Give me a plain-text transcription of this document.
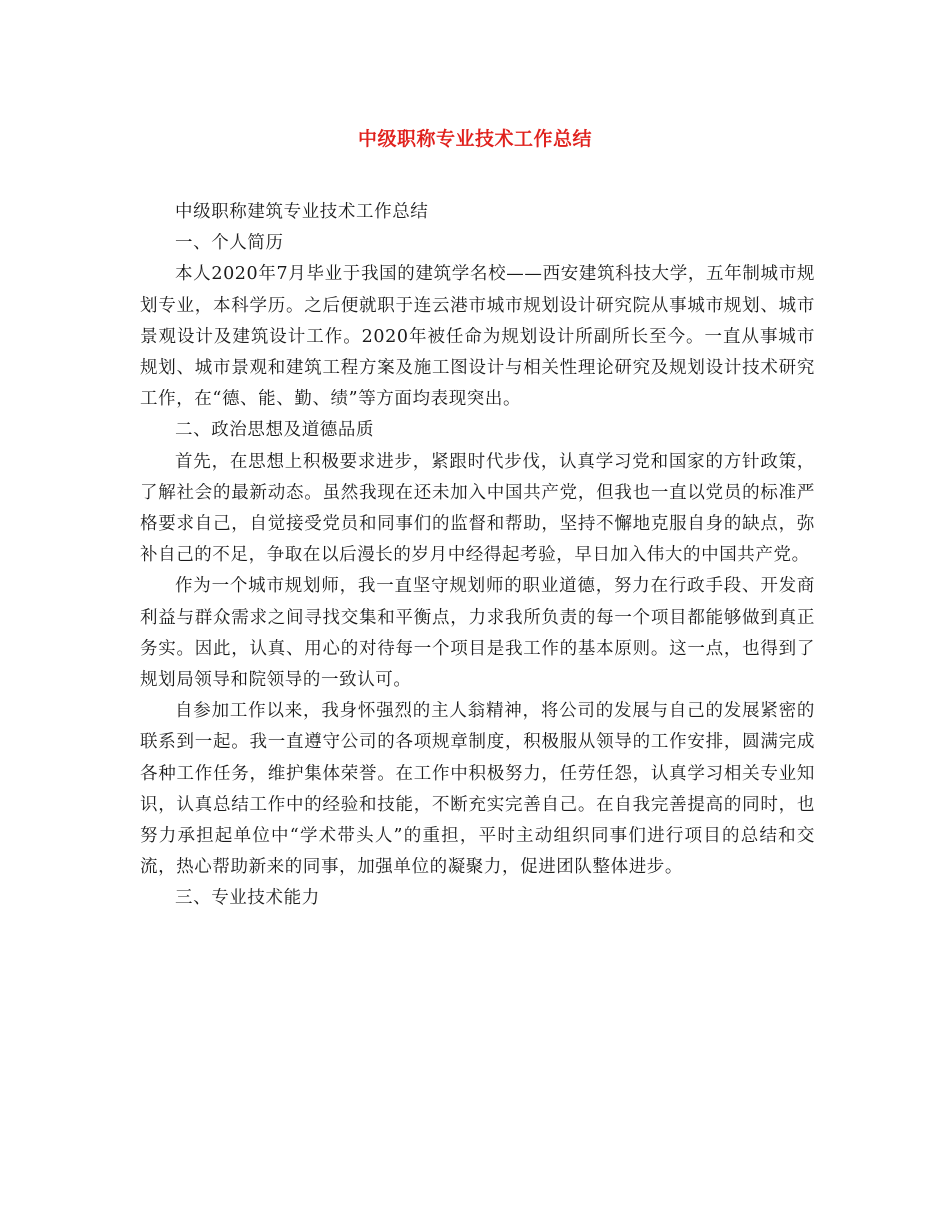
中级职称专业技术工作总结

中级职称建筑专业技术工作总结

一、个人简历

本人2020年7月毕业于我国的建筑学名校——西安建筑科技大学，五年制城市规划专业，本科学历。之后便就职于连云港市城市规划设计研究院从事城市规划、城市景观设计及建筑设计工作。2020年被任命为规划设计所副所长至今。一直从事城市规划、城市景观和建筑工程方案及施工图设计与相关性理论研究及规划设计技术研究工作，在“德、能、勤、绩”等方面均表现突出。

二、政治思想及道德品质

首先，在思想上积极要求进步，紧跟时代步伐，认真学习党和国家的方针政策，了解社会的最新动态。虽然我现在还未加入中国共产党，但我也一直以党员的标准严格要求自己，自觉接受党员和同事们的监督和帮助，坚持不懈地克服自身的缺点，弥补自己的不足，争取在以后漫长的岁月中经得起考验，早日加入伟大的中国共产党。

作为一个城市规划师，我一直坚守规划师的职业道德，努力在行政手段、开发商利益与群众需求之间寻找交集和平衡点，力求我所负责的每一个项目都能够做到真正务实。因此，认真、用心的对待每一个项目是我工作的基本原则。这一点，也得到了规划局领导和院领导的一致认可。

自参加工作以来，我身怀强烈的主人翁精神，将公司的发展与自己的发展紧密的联系到一起。我一直遵守公司的各项规章制度，积极服从领导的工作安排，圆满完成各种工作任务，维护集体荣誉。在工作中积极努力，任劳任怨，认真学习相关专业知识，认真总结工作中的经验和技能，不断充实完善自己。在自我完善提高的同时，也努力承担起单位中“学术带头人”的重担，平时主动组织同事们进行项目的总结和交流，热心帮助新来的同事，加强单位的凝聚力，促进团队整体进步。

三、专业技术能力
